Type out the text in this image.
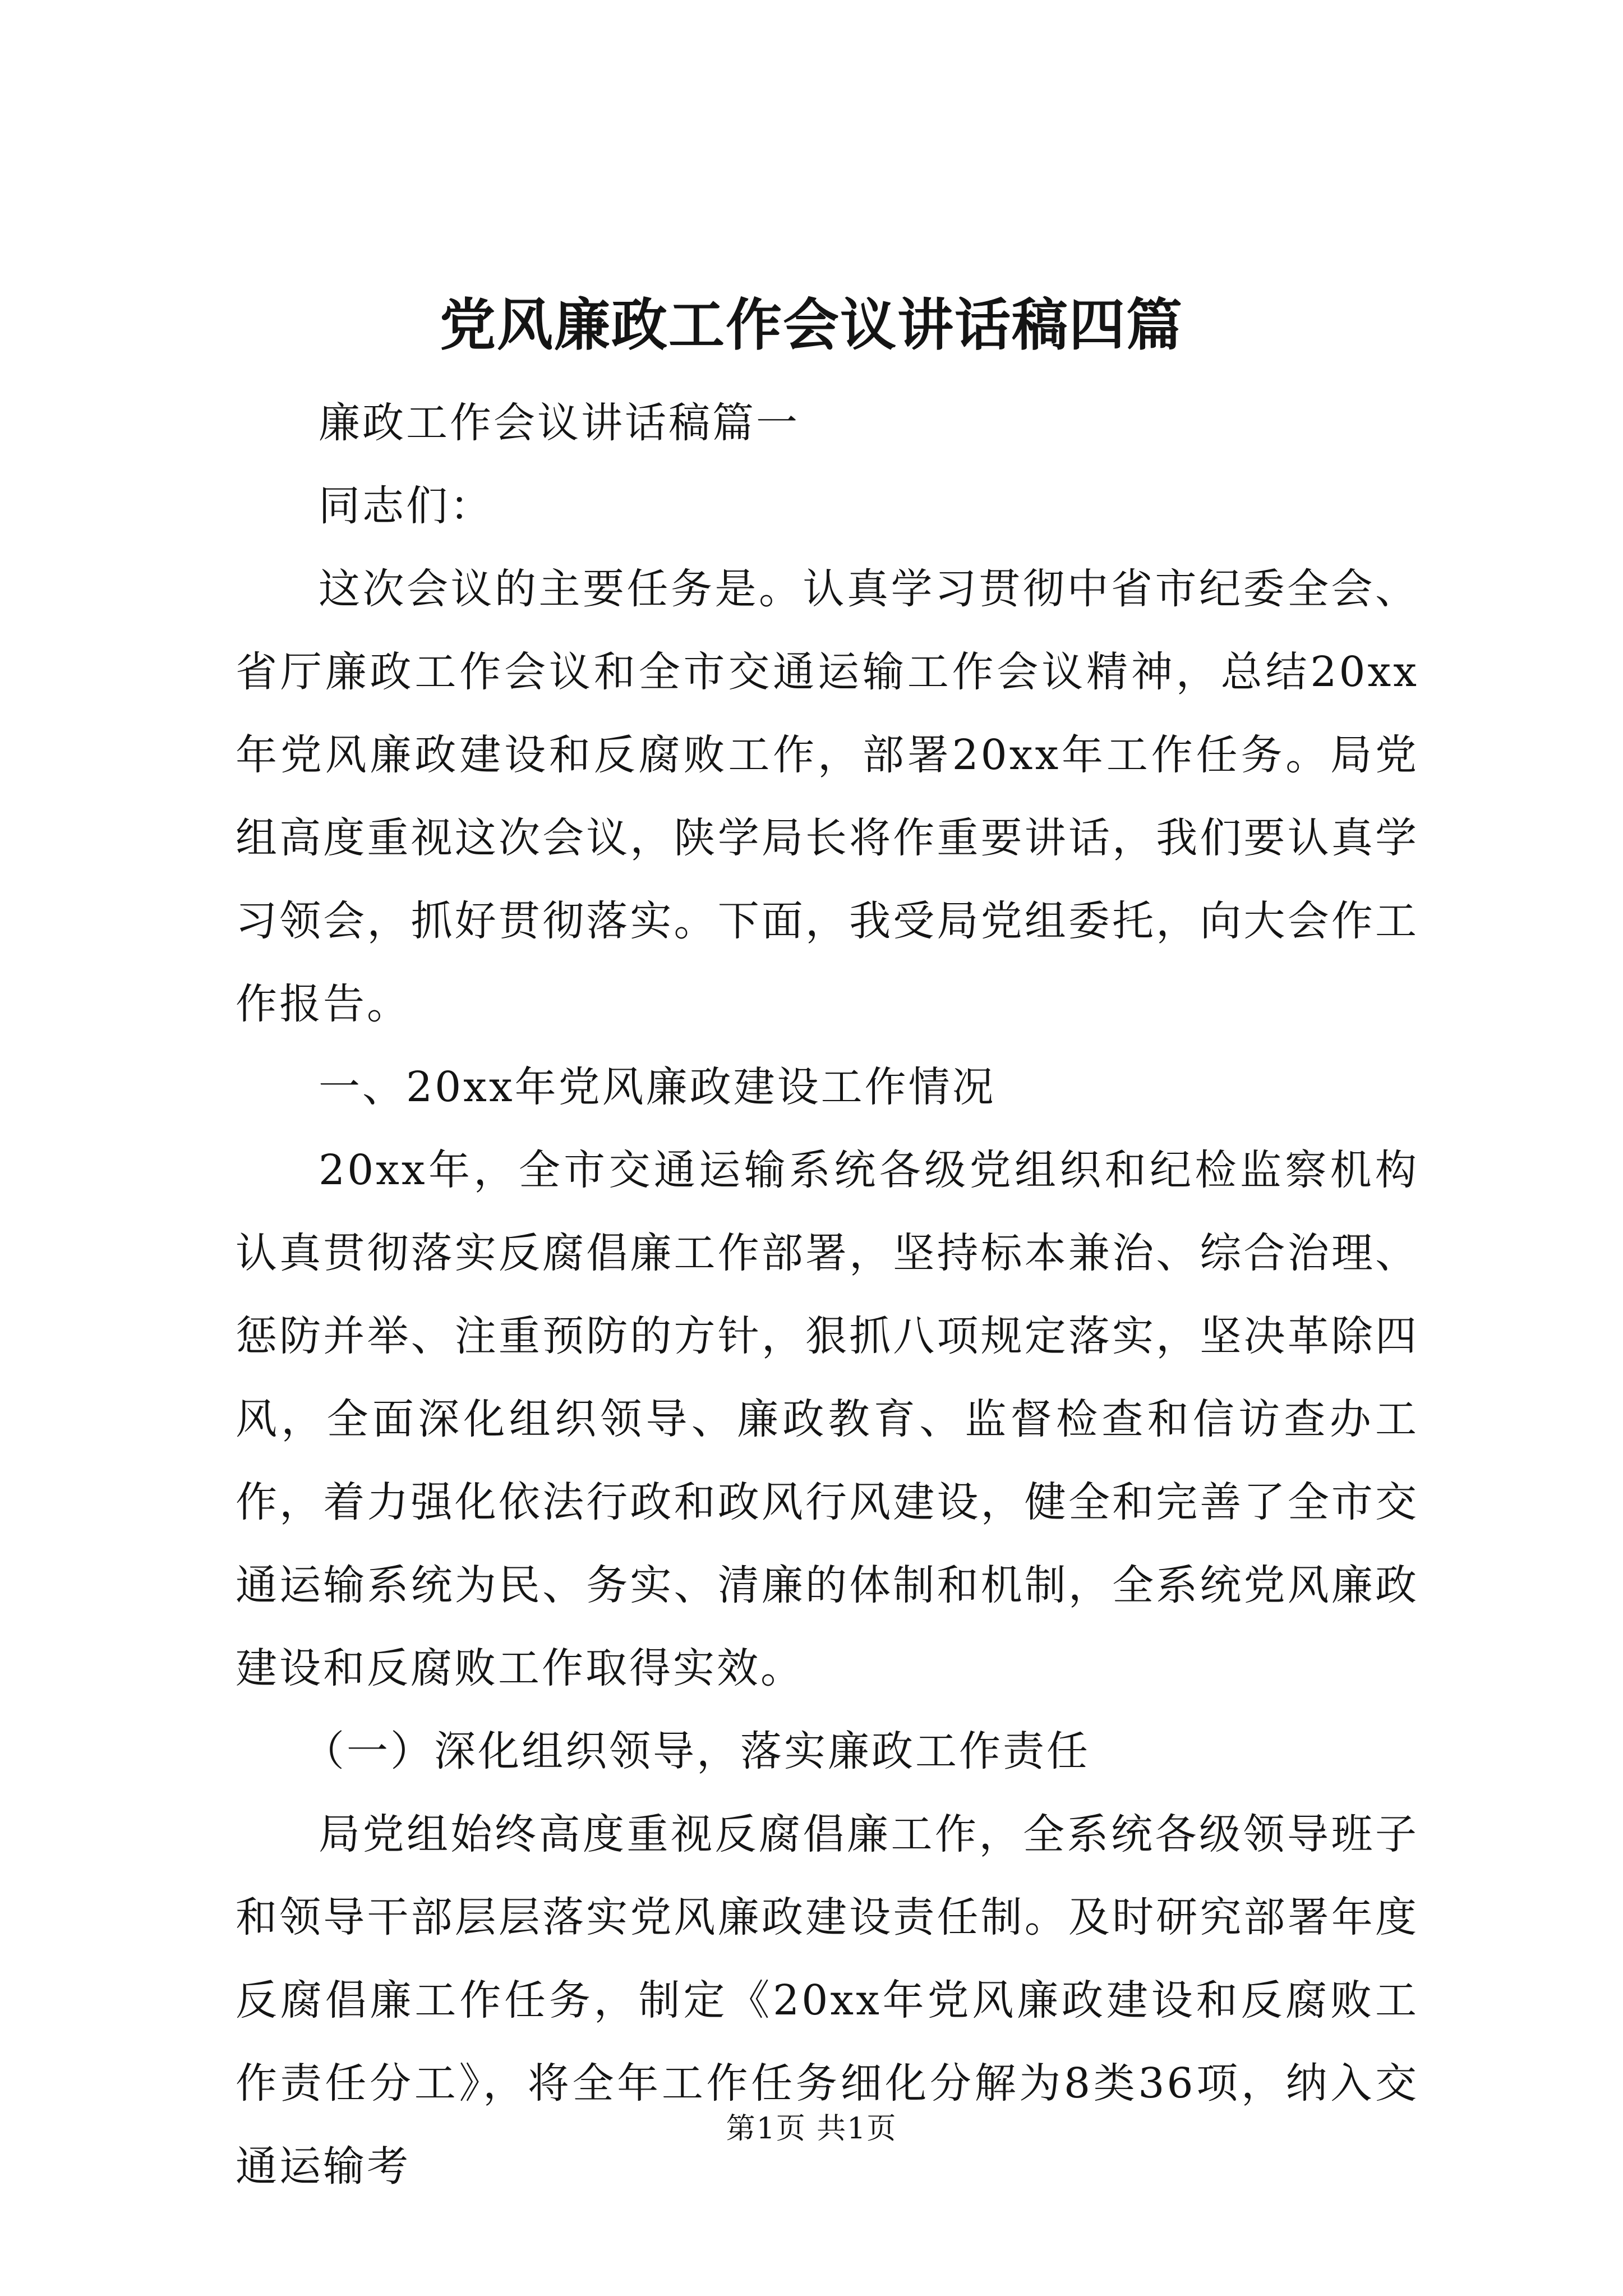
党风廉政工作会议讲话稿四篇

廉政工作会议讲话稿篇一

同志们：

这次会议的主要任务是。认真学习贯彻中省市纪委全会、省厅廉政工作会议和全市交通运输工作会议精神，总结20xx年党风廉政建设和反腐败工作，部署20xx年工作任务。局党组高度重视这次会议，陕学局长将作重要讲话，我们要认真学习领会，抓好贯彻落实。下面，我受局党组委托，向大会作工作报告。

一、20xx年党风廉政建设工作情况

20xx年，全市交通运输系统各级党组织和纪检监察机构认真贯彻落实反腐倡廉工作部署，坚持标本兼治、综合治理、惩防并举、注重预防的方针，狠抓八项规定落实，坚决革除四风，全面深化组织领导、廉政教育、监督检查和信访查办工作，着力强化依法行政和政风行风建设，健全和完善了全市交通运输系统为民、务实、清廉的体制和机制，全系统党风廉政建设和反腐败工作取得实效。

（一）深化组织领导，落实廉政工作责任

局党组始终高度重视反腐倡廉工作，全系统各级领导班子和领导干部层层落实党风廉政建设责任制。及时研究部署年度反腐倡廉工作任务，制定《20xx年党风廉政建设和反腐败工作责任分工》，将全年工作任务细化分解为8类36项，纳入交通运输考

第1页 共1页
